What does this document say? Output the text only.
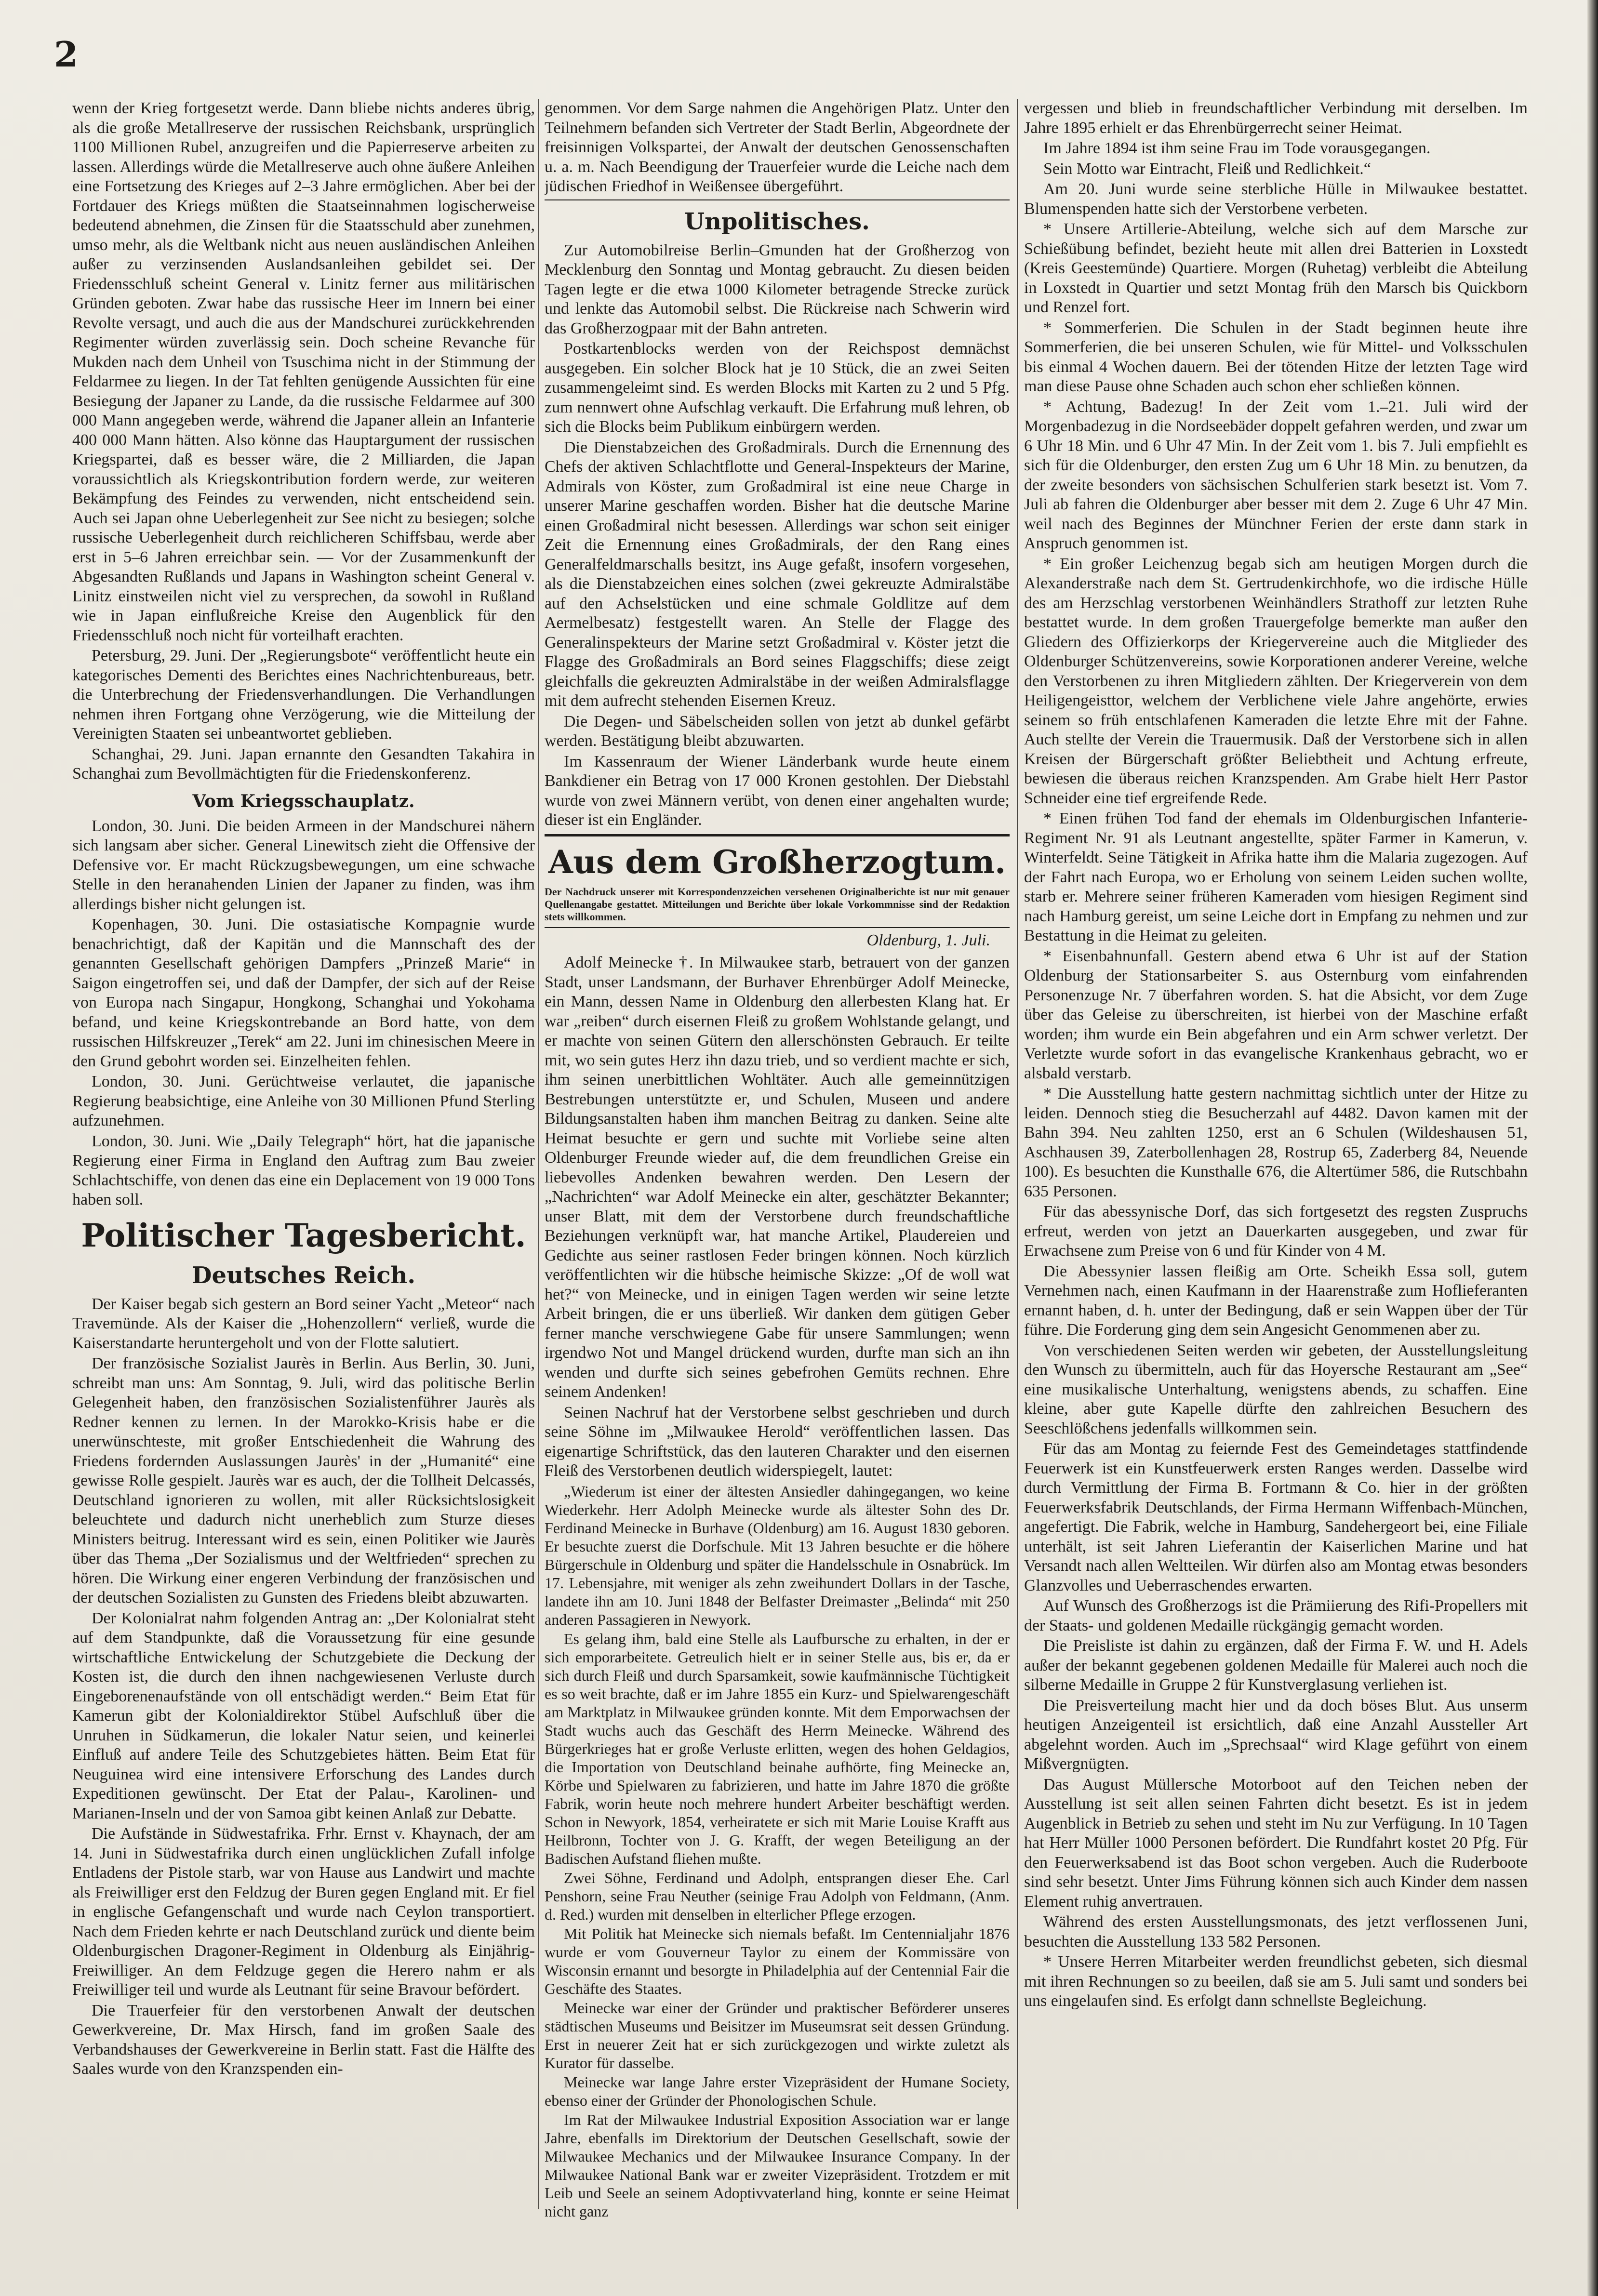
2

wenn der Krieg fortgesetzt werde. Dann bliebe nichts anderes übrig, als die große Metallreserve der russischen Reichsbank, ursprünglich 1100 Millionen Rubel, anzugreifen und die Papierreserve arbeiten zu lassen. Allerdings würde die Metallreserve auch ohne äußere Anleihen eine Fortsetzung des Krieges auf 2–3 Jahre ermöglichen. Aber bei der Fortdauer des Kriegs müßten die Staatseinnahmen logischerweise bedeutend abnehmen, die Zinsen für die Staatsschuld aber zunehmen, umso mehr, als die Weltbank nicht aus neuen ausländischen Anleihen außer zu verzinsenden Auslandsanleihen gebildet sei. Der Friedensschluß scheint General v. Linitz ferner aus militärischen Gründen geboten. Zwar habe das russische Heer im Innern bei einer Revolte versagt, und auch die aus der Mandschurei zurückkehrenden Regimenter würden zuverlässig sein. Doch scheine Revanche für Mukden nach dem Unheil von Tsuschima nicht in der Stimmung der Feldarmee zu liegen. In der Tat fehlten genügende Aussichten für eine Besiegung der Japaner zu Lande, da die russische Feldarmee auf 300 000 Mann angegeben werde, während die Japaner allein an Infanterie 400 000 Mann hätten. Also könne das Hauptargument der russischen Kriegspartei, daß es besser wäre, die 2 Milliarden, die Japan voraussichtlich als Kriegskontribution fordern werde, zur weiteren Bekämpfung des Feindes zu verwenden, nicht entscheidend sein. Auch sei Japan ohne Ueberlegenheit zur See nicht zu besiegen; solche russische Ueberlegenheit durch reichlicheren Schiffsbau, werde aber erst in 5–6 Jahren erreichbar sein. — Vor der Zusammenkunft der Abgesandten Rußlands und Japans in Washington scheint General v. Linitz einstweilen nicht viel zu versprechen, da sowohl in Rußland wie in Japan einflußreiche Kreise den Augenblick für den Friedensschluß noch nicht für vorteilhaft erachten.

Petersburg, 29. Juni. Der „Regierungsbote“ veröffentlicht heute ein kategorisches Dementi des Berichtes eines Nachrichtenbureaus, betr. die Unterbrechung der Friedensverhandlungen. Die Verhandlungen nehmen ihren Fortgang ohne Verzögerung, wie die Mitteilung der Vereinigten Staaten sei unbeantwortet geblieben.

Schanghai, 29. Juni. Japan ernannte den Gesandten Takahira in Schanghai zum Bevollmächtigten für die Friedenskonferenz.

Vom Kriegsschauplatz.

London, 30. Juni. Die beiden Armeen in der Mandschurei nähern sich langsam aber sicher. General Linewitsch zieht die Offensive der Defensive vor. Er macht Rückzugsbewegungen, um eine schwache Stelle in den heranahenden Linien der Japaner zu finden, was ihm allerdings bisher nicht gelungen ist.

Kopenhagen, 30. Juni. Die ostasiatische Kompagnie wurde benachrichtigt, daß der Kapitän und die Mannschaft des der genannten Gesellschaft gehörigen Dampfers „Prinzeß Marie“ in Saigon eingetroffen sei, und daß der Dampfer, der sich auf der Reise von Europa nach Singapur, Hongkong, Schanghai und Yokohama befand, und keine Kriegskontrebande an Bord hatte, von dem russischen Hilfskreuzer „Terek“ am 22. Juni im chinesischen Meere in den Grund gebohrt worden sei. Einzelheiten fehlen.

London, 30. Juni. Gerüchtweise verlautet, die japanische Regierung beabsichtige, eine Anleihe von 30 Millionen Pfund Sterling aufzunehmen.

London, 30. Juni. Wie „Daily Telegraph“ hört, hat die japanische Regierung einer Firma in England den Auftrag zum Bau zweier Schlachtschiffe, von denen das eine ein Deplacement von 19 000 Tons haben soll.

Politischer Tagesbericht.
Deutsches Reich.

Der Kaiser begab sich gestern an Bord seiner Yacht „Meteor“ nach Travemünde. Als der Kaiser die „Hohenzollern“ verließ, wurde die Kaiserstandarte heruntergeholt und von der Flotte salutiert.

Der französische Sozialist Jaurès in Berlin. Aus Berlin, 30. Juni, schreibt man uns: Am Sonntag, 9. Juli, wird das politische Berlin Gelegenheit haben, den französischen Sozialistenführer Jaurès als Redner kennen zu lernen. In der Marokko-Krisis habe er die unerwünschteste, mit großer Entschiedenheit die Wahrung des Friedens fordernden Auslassungen Jaurès' in der „Humanité“ eine gewisse Rolle gespielt. Jaurès war es auch, der die Tollheit Delcassés, Deutschland ignorieren zu wollen, mit aller Rücksichtslosigkeit beleuchtete und dadurch nicht unerheblich zum Sturze dieses Ministers beitrug. Interessant wird es sein, einen Politiker wie Jaurès über das Thema „Der Sozialismus und der Weltfrieden“ sprechen zu hören. Die Wirkung einer engeren Verbindung der französischen und der deutschen Sozialisten zu Gunsten des Friedens bleibt abzuwarten.

Der Kolonialrat nahm folgenden Antrag an: „Der Kolonialrat steht auf dem Standpunkte, daß die Voraussetzung für eine gesunde wirtschaftliche Entwickelung der Schutzgebiete die Deckung der Kosten ist, die durch den ihnen nachgewiesenen Verluste durch Eingeborenenaufstände von oll entschädigt werden.“ Beim Etat für Kamerun gibt der Kolonialdirektor Stübel Aufschluß über die Unruhen in Südkamerun, die lokaler Natur seien, und keinerlei Einfluß auf andere Teile des Schutzgebietes hätten. Beim Etat für Neuguinea wird eine intensivere Erforschung des Landes durch Expeditionen gewünscht. Der Etat der Palau-, Karolinen- und Marianen-Inseln und der von Samoa gibt keinen Anlaß zur Debatte.

Die Aufstände in Südwestafrika. Frhr. Ernst v. Khaynach, der am 14. Juni in Südwestafrika durch einen unglücklichen Zufall infolge Entladens der Pistole starb, war von Hause aus Landwirt und machte als Freiwilliger erst den Feldzug der Buren gegen England mit. Er fiel in englische Gefangenschaft und wurde nach Ceylon transportiert. Nach dem Frieden kehrte er nach Deutschland zurück und diente beim Oldenburgischen Dragoner-Regiment in Oldenburg als Einjährig-Freiwilliger. An dem Feldzuge gegen die Herero nahm er als Freiwilliger teil und wurde als Leutnant für seine Bravour befördert.

Die Trauerfeier für den verstorbenen Anwalt der deutschen Gewerkvereine, Dr. Max Hirsch, fand im großen Saale des Verbandshauses der Gewerkvereine in Berlin statt. Fast die Hälfte des Saales wurde von den Kranzspenden ein-

genommen. Vor dem Sarge nahmen die Angehörigen Platz. Unter den Teilnehmern befanden sich Vertreter der Stadt Berlin, Abgeordnete der freisinnigen Volkspartei, der Anwalt der deutschen Genossenschaften u. a. m. Nach Beendigung der Trauerfeier wurde die Leiche nach dem jüdischen Friedhof in Weißensee übergeführt.

Unpolitisches.

Zur Automobilreise Berlin–Gmunden hat der Großherzog von Mecklenburg den Sonntag und Montag gebraucht. Zu diesen beiden Tagen legte er die etwa 1000 Kilometer betragende Strecke zurück und lenkte das Automobil selbst. Die Rückreise nach Schwerin wird das Großherzogpaar mit der Bahn antreten.

Postkartenblocks werden von der Reichspost demnächst ausgegeben. Ein solcher Block hat je 10 Stück, die an zwei Seiten zusammengeleimt sind. Es werden Blocks mit Karten zu 2 und 5 Pfg. zum nennwert ohne Aufschlag verkauft. Die Erfahrung muß lehren, ob sich die Blocks beim Publikum einbürgern werden.

Die Dienstabzeichen des Großadmirals. Durch die Ernennung des Chefs der aktiven Schlachtflotte und General-Inspekteurs der Marine, Admirals von Köster, zum Großadmiral ist eine neue Charge in unserer Marine geschaffen worden. Bisher hat die deutsche Marine einen Großadmiral nicht besessen. Allerdings war schon seit einiger Zeit die Ernennung eines Großadmirals, der den Rang eines Generalfeldmarschalls besitzt, ins Auge gefaßt, insofern vorgesehen, als die Dienstabzeichen eines solchen (zwei gekreuzte Admiralstäbe auf den Achselstücken und eine schmale Goldlitze auf dem Aermelbesatz) festgestellt waren. An Stelle der Flagge des Generalinspekteurs der Marine setzt Großadmiral v. Köster jetzt die Flagge des Großadmirals an Bord seines Flaggschiffs; diese zeigt gleichfalls die gekreuzten Admiralstäbe in der weißen Admiralsflagge mit dem aufrecht stehenden Eisernen Kreuz.

Die Degen- und Säbelscheiden sollen von jetzt ab dunkel gefärbt werden. Bestätigung bleibt abzuwarten.

Im Kassenraum der Wiener Länderbank wurde heute einem Bankdiener ein Betrag von 17 000 Kronen gestohlen. Der Diebstahl wurde von zwei Männern verübt, von denen einer angehalten wurde; dieser ist ein Engländer.

Aus dem Großherzogtum.
Der Nachdruck unserer mit Korrespondenzzeichen versehenen Originalberichte ist nur mit genauer Quellenangabe gestattet. Mitteilungen und Berichte über lokale Vorkommnisse sind der Redaktion stets willkommen.
Oldenburg, 1. Juli.

Adolf Meinecke †. In Milwaukee starb, betrauert von der ganzen Stadt, unser Landsmann, der Burhaver Ehrenbürger Adolf Meinecke, ein Mann, dessen Name in Oldenburg den allerbesten Klang hat. Er war „reiben“ durch eisernen Fleiß zu großem Wohlstande gelangt, und er machte von seinen Gütern den allerschönsten Gebrauch. Er teilte mit, wo sein gutes Herz ihn dazu trieb, und so verdient machte er sich, ihm seinen unerbittlichen Wohltäter. Auch alle gemeinnützigen Bestrebungen unterstützte er, und Schulen, Museen und andere Bildungsanstalten haben ihm manchen Beitrag zu danken. Seine alte Heimat besuchte er gern und suchte mit Vorliebe seine alten Oldenburger Freunde wieder auf, die dem freundlichen Greise ein liebevolles Andenken bewahren werden. Den Lesern der „Nachrichten“ war Adolf Meinecke ein alter, geschätzter Bekannter; unser Blatt, mit dem der Verstorbene durch freundschaftliche Beziehungen verknüpft war, hat manche Artikel, Plaudereien und Gedichte aus seiner rastlosen Feder bringen können. Noch kürzlich veröffentlichten wir die hübsche heimische Skizze: „Of de woll wat het?“ von Meinecke, und in einigen Tagen werden wir seine letzte Arbeit bringen, die er uns überließ. Wir danken dem gütigen Geber ferner manche verschwiegene Gabe für unsere Sammlungen; wenn irgendwo Not und Mangel drückend wurden, durfte man sich an ihn wenden und durfte sich seines gebefrohen Gemüts rechnen. Ehre seinem Andenken!

Seinen Nachruf hat der Verstorbene selbst geschrieben und durch seine Söhne im „Milwaukee Herold“ veröffentlichen lassen. Das eigenartige Schriftstück, das den lauteren Charakter und den eisernen Fleiß des Verstorbenen deutlich widerspiegelt, lautet:

„Wiederum ist einer der ältesten Ansiedler dahingegangen, wo keine Wiederkehr. Herr Adolph Meinecke wurde als ältester Sohn des Dr. Ferdinand Meinecke in Burhave (Oldenburg) am 16. August 1830 geboren. Er besuchte zuerst die Dorfschule. Mit 13 Jahren besuchte er die höhere Bürgerschule in Oldenburg und später die Handelsschule in Osnabrück. Im 17. Lebensjahre, mit weniger als zehn zweihundert Dollars in der Tasche, landete ihn am 10. Juni 1848 der Belfaster Dreimaster „Belinda“ mit 250 anderen Passagieren in Newyork.

Es gelang ihm, bald eine Stelle als Laufbursche zu erhalten, in der er sich emporarbeitete. Getreulich hielt er in seiner Stelle aus, bis er, da er sich durch Fleiß und durch Sparsamkeit, sowie kaufmännische Tüchtigkeit es so weit brachte, daß er im Jahre 1855 ein Kurz- und Spielwarengeschäft am Marktplatz in Milwaukee gründen konnte. Mit dem Emporwachsen der Stadt wuchs auch das Geschäft des Herrn Meinecke. Während des Bürgerkrieges hat er große Verluste erlitten, wegen des hohen Geldagios, die Importation von Deutschland beinahe aufhörte, fing Meinecke an, Körbe und Spielwaren zu fabrizieren, und hatte im Jahre 1870 die größte Fabrik, worin heute noch mehrere hundert Arbeiter beschäftigt werden. Schon in Newyork, 1854, verheiratete er sich mit Marie Louise Krafft aus Heilbronn, Tochter von J. G. Krafft, der wegen Beteiligung an der Badischen Aufstand fliehen mußte.

Zwei Söhne, Ferdinand und Adolph, entsprangen dieser Ehe. Carl Penshorn, seine Frau Neuther (seinige Frau Adolph von Feldmann, (Anm. d. Red.) wurden mit denselben in elterlicher Pflege erzogen.

Mit Politik hat Meinecke sich niemals befaßt. Im Centennialjahr 1876 wurde er vom Gouverneur Taylor zu einem der Kommissäre von Wisconsin ernannt und besorgte in Philadelphia auf der Centennial Fair die Geschäfte des Staates.

Meinecke war einer der Gründer und praktischer Beförderer unseres städtischen Museums und Beisitzer im Museumsrat seit dessen Gründung. Erst in neuerer Zeit hat er sich zurückgezogen und wirkte zuletzt als Kurator für dasselbe.

Meinecke war lange Jahre erster Vizepräsident der Humane Society, ebenso einer der Gründer der Phonologischen Schule.

Im Rat der Milwaukee Industrial Exposition Association war er lange Jahre, ebenfalls im Direktorium der Deutschen Gesellschaft, sowie der Milwaukee Mechanics und der Milwaukee Insurance Company. In der Milwaukee National Bank war er zweiter Vizepräsident. Trotzdem er mit Leib und Seele an seinem Adoptivvaterland hing, konnte er seine Heimat nicht ganz

vergessen und blieb in freundschaftlicher Verbindung mit derselben. Im Jahre 1895 erhielt er das Ehrenbürgerrecht seiner Heimat.

Im Jahre 1894 ist ihm seine Frau im Tode vorausgegangen.

Sein Motto war Eintracht, Fleiß und Redlichkeit.“

Am 20. Juni wurde seine sterbliche Hülle in Milwaukee bestattet. Blumenspenden hatte sich der Verstorbene verbeten.

* Unsere Artillerie-Abteilung, welche sich auf dem Marsche zur Schießübung befindet, bezieht heute mit allen drei Batterien in Loxstedt (Kreis Geestemünde) Quartiere. Morgen (Ruhetag) verbleibt die Abteilung in Loxstedt in Quartier und setzt Montag früh den Marsch bis Quickborn und Renzel fort.

* Sommerferien. Die Schulen in der Stadt beginnen heute ihre Sommerferien, die bei unseren Schulen, wie für Mittel- und Volksschulen bis einmal 4 Wochen dauern. Bei der tötenden Hitze der letzten Tage wird man diese Pause ohne Schaden auch schon eher schließen können.

* Achtung, Badezug! In der Zeit vom 1.–21. Juli wird der Morgenbadezug in die Nordseebäder doppelt gefahren werden, und zwar um 6 Uhr 18 Min. und 6 Uhr 47 Min. In der Zeit vom 1. bis 7. Juli empfiehlt es sich für die Oldenburger, den ersten Zug um 6 Uhr 18 Min. zu benutzen, da der zweite besonders von sächsischen Schulferien stark besetzt ist. Vom 7. Juli ab fahren die Oldenburger aber besser mit dem 2. Zuge 6 Uhr 47 Min. weil nach des Beginnes der Münchner Ferien der erste dann stark in Anspruch genommen ist.

* Ein großer Leichenzug begab sich am heutigen Morgen durch die Alexanderstraße nach dem St. Gertrudenkirchhofe, wo die irdische Hülle des am Herzschlag verstorbenen Weinhändlers Strathoff zur letzten Ruhe bestattet wurde. In dem großen Trauergefolge bemerkte man außer den Gliedern des Offizierkorps der Kriegervereine auch die Mitglieder des Oldenburger Schützenvereins, sowie Korporationen anderer Vereine, welche den Verstorbenen zu ihren Mitgliedern zählten. Der Kriegerverein von dem Heiligengeisttor, welchem der Verblichene viele Jahre angehörte, erwies seinem so früh entschlafenen Kameraden die letzte Ehre mit der Fahne. Auch stellte der Verein die Trauermusik. Daß der Verstorbene sich in allen Kreisen der Bürgerschaft größter Beliebtheit und Achtung erfreute, bewiesen die überaus reichen Kranzspenden. Am Grabe hielt Herr Pastor Schneider eine tief ergreifende Rede.

* Einen frühen Tod fand der ehemals im Oldenburgischen Infanterie-Regiment Nr. 91 als Leutnant angestellte, später Farmer in Kamerun, v. Winterfeldt. Seine Tätigkeit in Afrika hatte ihm die Malaria zugezogen. Auf der Fahrt nach Europa, wo er Erholung von seinem Leiden suchen wollte, starb er. Mehrere seiner früheren Kameraden vom hiesigen Regiment sind nach Hamburg gereist, um seine Leiche dort in Empfang zu nehmen und zur Bestattung in die Heimat zu geleiten.

* Eisenbahnunfall. Gestern abend etwa 6 Uhr ist auf der Station Oldenburg der Stationsarbeiter S. aus Osternburg vom einfahrenden Personenzuge Nr. 7 überfahren worden. S. hat die Absicht, vor dem Zuge über das Geleise zu überschreiten, ist hierbei von der Maschine erfaßt worden; ihm wurde ein Bein abgefahren und ein Arm schwer verletzt. Der Verletzte wurde sofort in das evangelische Krankenhaus gebracht, wo er alsbald verstarb.

* Die Ausstellung hatte gestern nachmittag sichtlich unter der Hitze zu leiden. Dennoch stieg die Besucherzahl auf 4482. Davon kamen mit der Bahn 394. Neu zahlten 1250, erst an 6 Schulen (Wildeshausen 51, Aschhausen 39, Zaterbollenhagen 28, Rostrup 65, Zaderberg 84, Neuende 100). Es besuchten die Kunsthalle 676, die Altertümer 586, die Rutschbahn 635 Personen.

Für das abessynische Dorf, das sich fortgesetzt des regsten Zuspruchs erfreut, werden von jetzt an Dauerkarten ausgegeben, und zwar für Erwachsene zum Preise von 6 und für Kinder von 4 M.

Die Abessynier lassen fleißig am Orte. Scheikh Essa soll, gutem Vernehmen nach, einen Kaufmann in der Haarenstraße zum Hoflieferanten ernannt haben, d. h. unter der Bedingung, daß er sein Wappen über der Tür führe. Die Forderung ging dem sein Angesicht Genommenen aber zu.

Von verschiedenen Seiten werden wir gebeten, der Ausstellungsleitung den Wunsch zu übermitteln, auch für das Hoyersche Restaurant am „See“ eine musikalische Unterhaltung, wenigstens abends, zu schaffen. Eine kleine, aber gute Kapelle dürfte den zahlreichen Besuchern des Seeschlößchens jedenfalls willkommen sein.

Für das am Montag zu feiernde Fest des Gemeindetages stattfindende Feuerwerk ist ein Kunstfeuerwerk ersten Ranges werden. Dasselbe wird durch Vermittlung der Firma B. Fortmann & Co. hier in der größten Feuerwerksfabrik Deutschlands, der Firma Hermann Wiffenbach-München, angefertigt. Die Fabrik, welche in Hamburg, Sandehergeort bei, eine Filiale unterhält, ist seit Jahren Lieferantin der Kaiserlichen Marine und hat Versandt nach allen Weltteilen. Wir dürfen also am Montag etwas besonders Glanzvolles und Ueberraschendes erwarten.

Auf Wunsch des Großherzogs ist die Prämiierung des Rifi-Propellers mit der Staats- und goldenen Medaille rückgängig gemacht worden.

Die Preisliste ist dahin zu ergänzen, daß der Firma F. W. und H. Adels außer der bekannt gegebenen goldenen Medaille für Malerei auch noch die silberne Medaille in Gruppe 2 für Kunstverglasung verliehen ist.

Die Preisverteilung macht hier und da doch böses Blut. Aus unserm heutigen Anzeigenteil ist ersichtlich, daß eine Anzahl Aussteller Art abgelehnt worden. Auch im „Sprechsaal“ wird Klage geführt von einem Mißvergnügten.

Das August Müllersche Motorboot auf den Teichen neben der Ausstellung ist seit allen seinen Fahrten dicht besetzt. Es ist in jedem Augenblick in Betrieb zu sehen und steht im Nu zur Verfügung. In 10 Tagen hat Herr Müller 1000 Personen befördert. Die Rundfahrt kostet 20 Pfg. Für den Feuerwerksabend ist das Boot schon vergeben. Auch die Ruderboote sind sehr besetzt. Unter Jims Führung können sich auch Kinder dem nassen Element ruhig anvertrauen.

Während des ersten Ausstellungsmonats, des jetzt verflossenen Juni, besuchten die Ausstellung 133 582 Personen.

* Unsere Herren Mitarbeiter werden freundlichst gebeten, sich diesmal mit ihren Rechnungen so zu beeilen, daß sie am 5. Juli samt und sonders bei uns eingelaufen sind. Es erfolgt dann schnellste Begleichung.
